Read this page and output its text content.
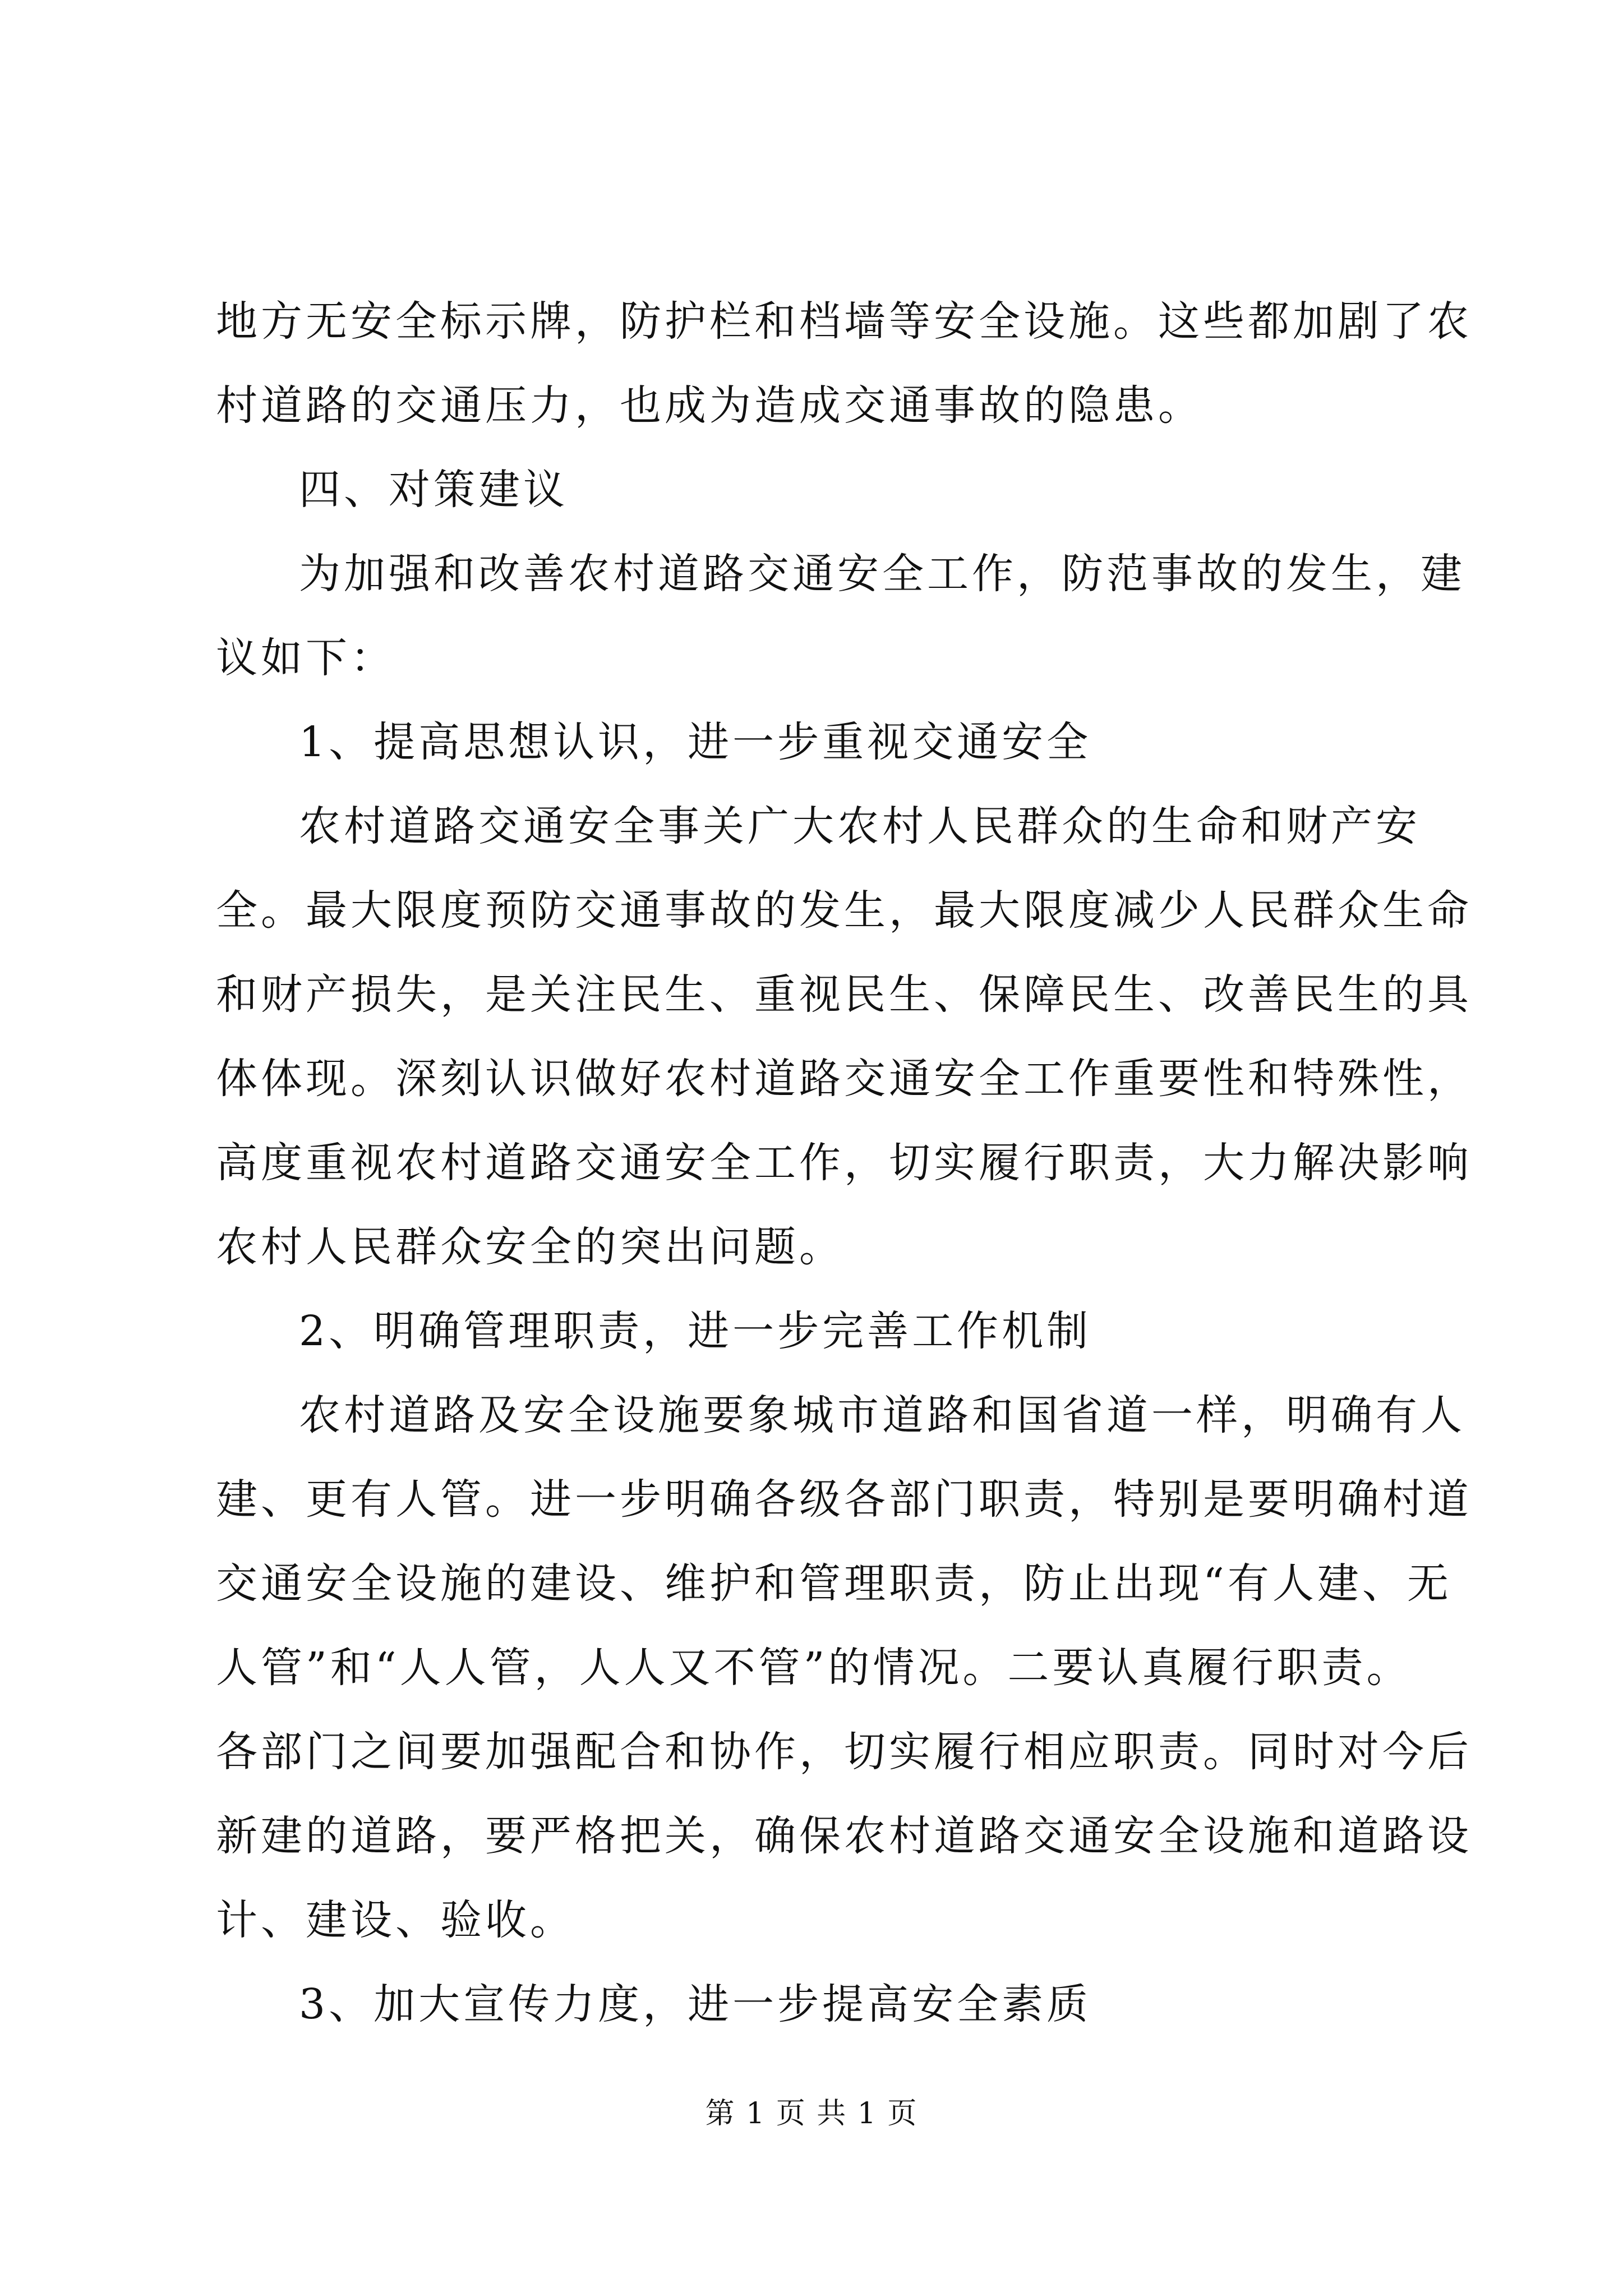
地方无安全标示牌，防护栏和档墙等安全设施。这些都加剧了农
村道路的交通压力，也成为造成交通事故的隐患。
四、对策建议
为加强和改善农村道路交通安全工作，防范事故的发生，建
议如下：
1、提高思想认识，进一步重视交通安全
农村道路交通安全事关广大农村人民群众的生命和财产安
全。最大限度预防交通事故的发生，最大限度减少人民群众生命
和财产损失，是关注民生、重视民生、保障民生、改善民生的具
体体现。深刻认识做好农村道路交通安全工作重要性和特殊性，
高度重视农村道路交通安全工作，切实履行职责，大力解决影响
农村人民群众安全的突出问题。
2、明确管理职责，进一步完善工作机制
农村道路及安全设施要象城市道路和国省道一样，明确有人
建、更有人管。进一步明确各级各部门职责，特别是要明确村道
交通安全设施的建设、维护和管理职责，防止出现“有人建、无
人管”和“人人管，人人又不管”的情况。二要认真履行职责。
各部门之间要加强配合和协作，切实履行相应职责。同时对今后
新建的道路，要严格把关，确保农村道路交通安全设施和道路设
计、建设、验收。
3、加大宣传力度，进一步提高安全素质
第 1 页 共 1 页
